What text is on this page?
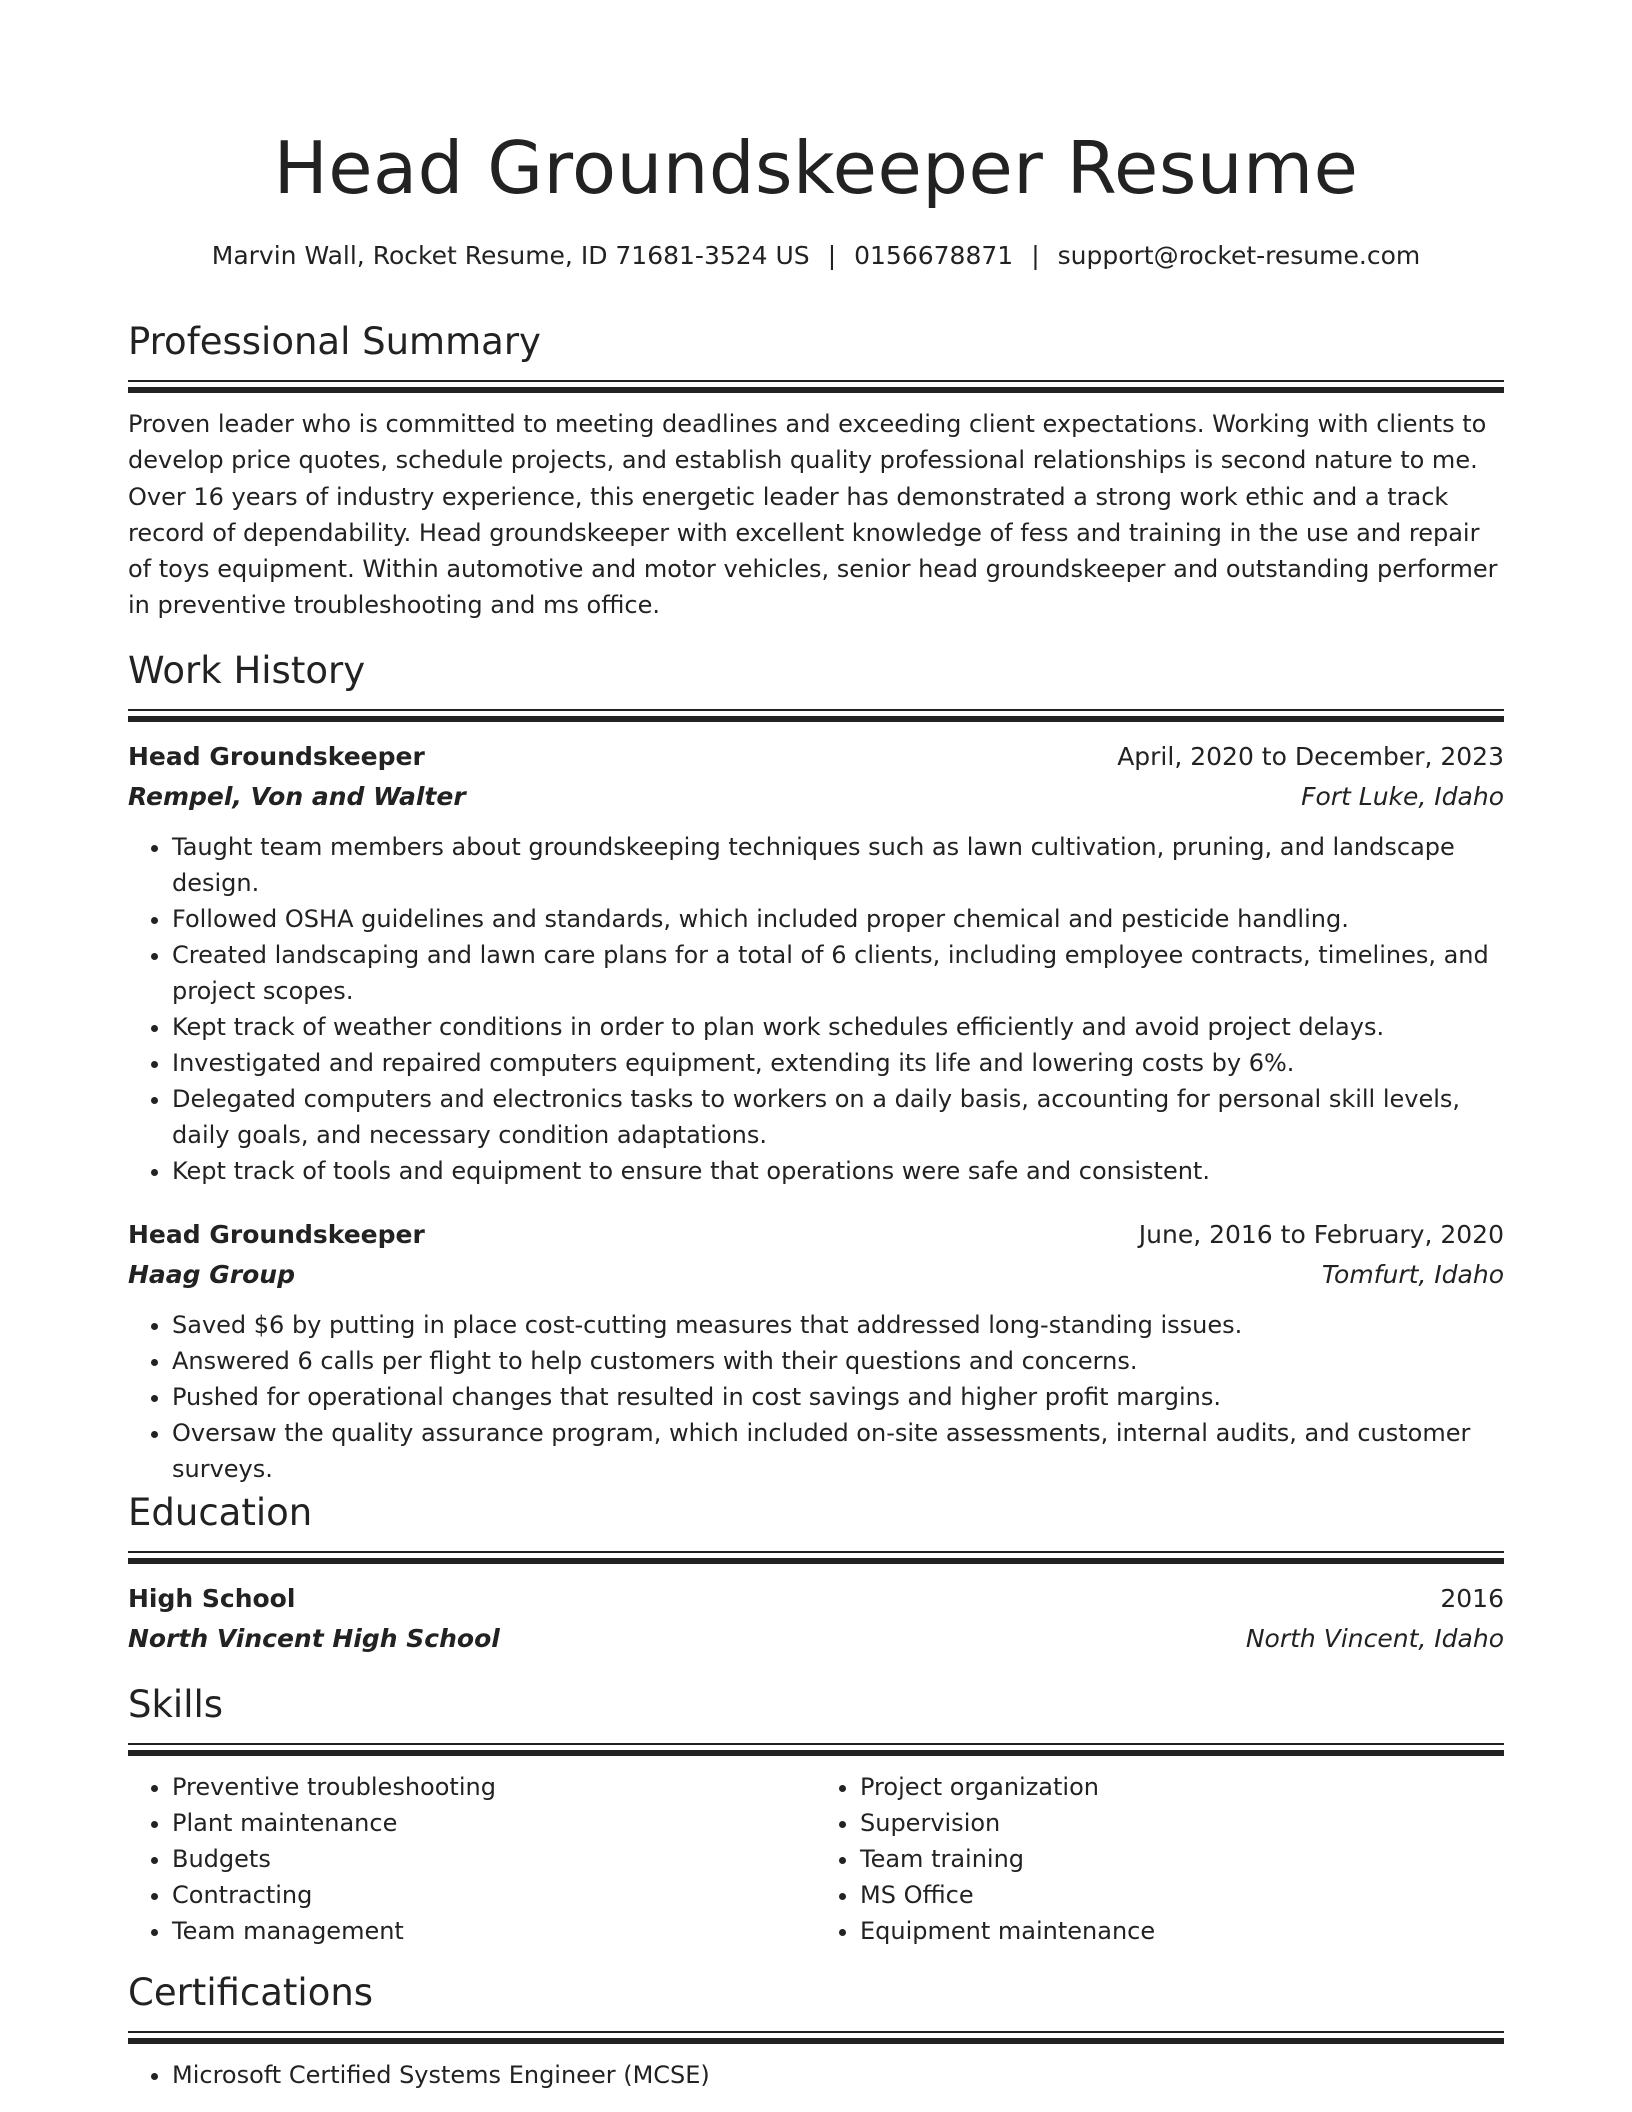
Head Groundskeeper Resume
Marvin Wall, Rocket Resume, ID 71681-3524 US | 0156678871 | support@rocket-resume.com
Professional Summary

Proven leader who is committed to meeting deadlines and exceeding client expectations. Working with clients to develop price quotes, schedule projects, and establish quality professional relationships is second nature to me. Over 16 years of industry experience, this energetic leader has demonstrated a strong work ethic and a track record of dependability. Head groundskeeper with excellent knowledge of fess and training in the use and repair of toys equipment. Within automotive and motor vehicles, senior head groundskeeper and outstanding performer in preventive troubleshooting and ms office.

Work History
Head Groundskeeper	April, 2020 to December, 2023
Rempel, Von and Walter	Fort Luke, Idaho
• Taught team members about groundskeeping techniques such as lawn cultivation, pruning, and landscape design.
• Followed OSHA guidelines and standards, which included proper chemical and pesticide handling.
• Created landscaping and lawn care plans for a total of 6 clients, including employee contracts, timelines, and project scopes.
• Kept track of weather conditions in order to plan work schedules efficiently and avoid project delays.
• Investigated and repaired computers equipment, extending its life and lowering costs by 6%.
• Delegated computers and electronics tasks to workers on a daily basis, accounting for personal skill levels, daily goals, and necessary condition adaptations.
• Kept track of tools and equipment to ensure that operations were safe and consistent.
Head Groundskeeper	June, 2016 to February, 2020
Haag Group	Tomfurt, Idaho
• Saved $6 by putting in place cost-cutting measures that addressed long-standing issues.
• Answered 6 calls per flight to help customers with their questions and concerns.
• Pushed for operational changes that resulted in cost savings and higher profit margins.
• Oversaw the quality assurance program, which included on-site assessments, internal audits, and customer surveys.
Education
High School	2016
North Vincent High School	North Vincent, Idaho
Skills
• Preventive troubleshooting
• Plant maintenance
• Budgets
• Contracting
• Team management
• Project organization
• Supervision
• Team training
• MS Office
• Equipment maintenance
Certifications
• Microsoft Certified Systems Engineer (MCSE)
